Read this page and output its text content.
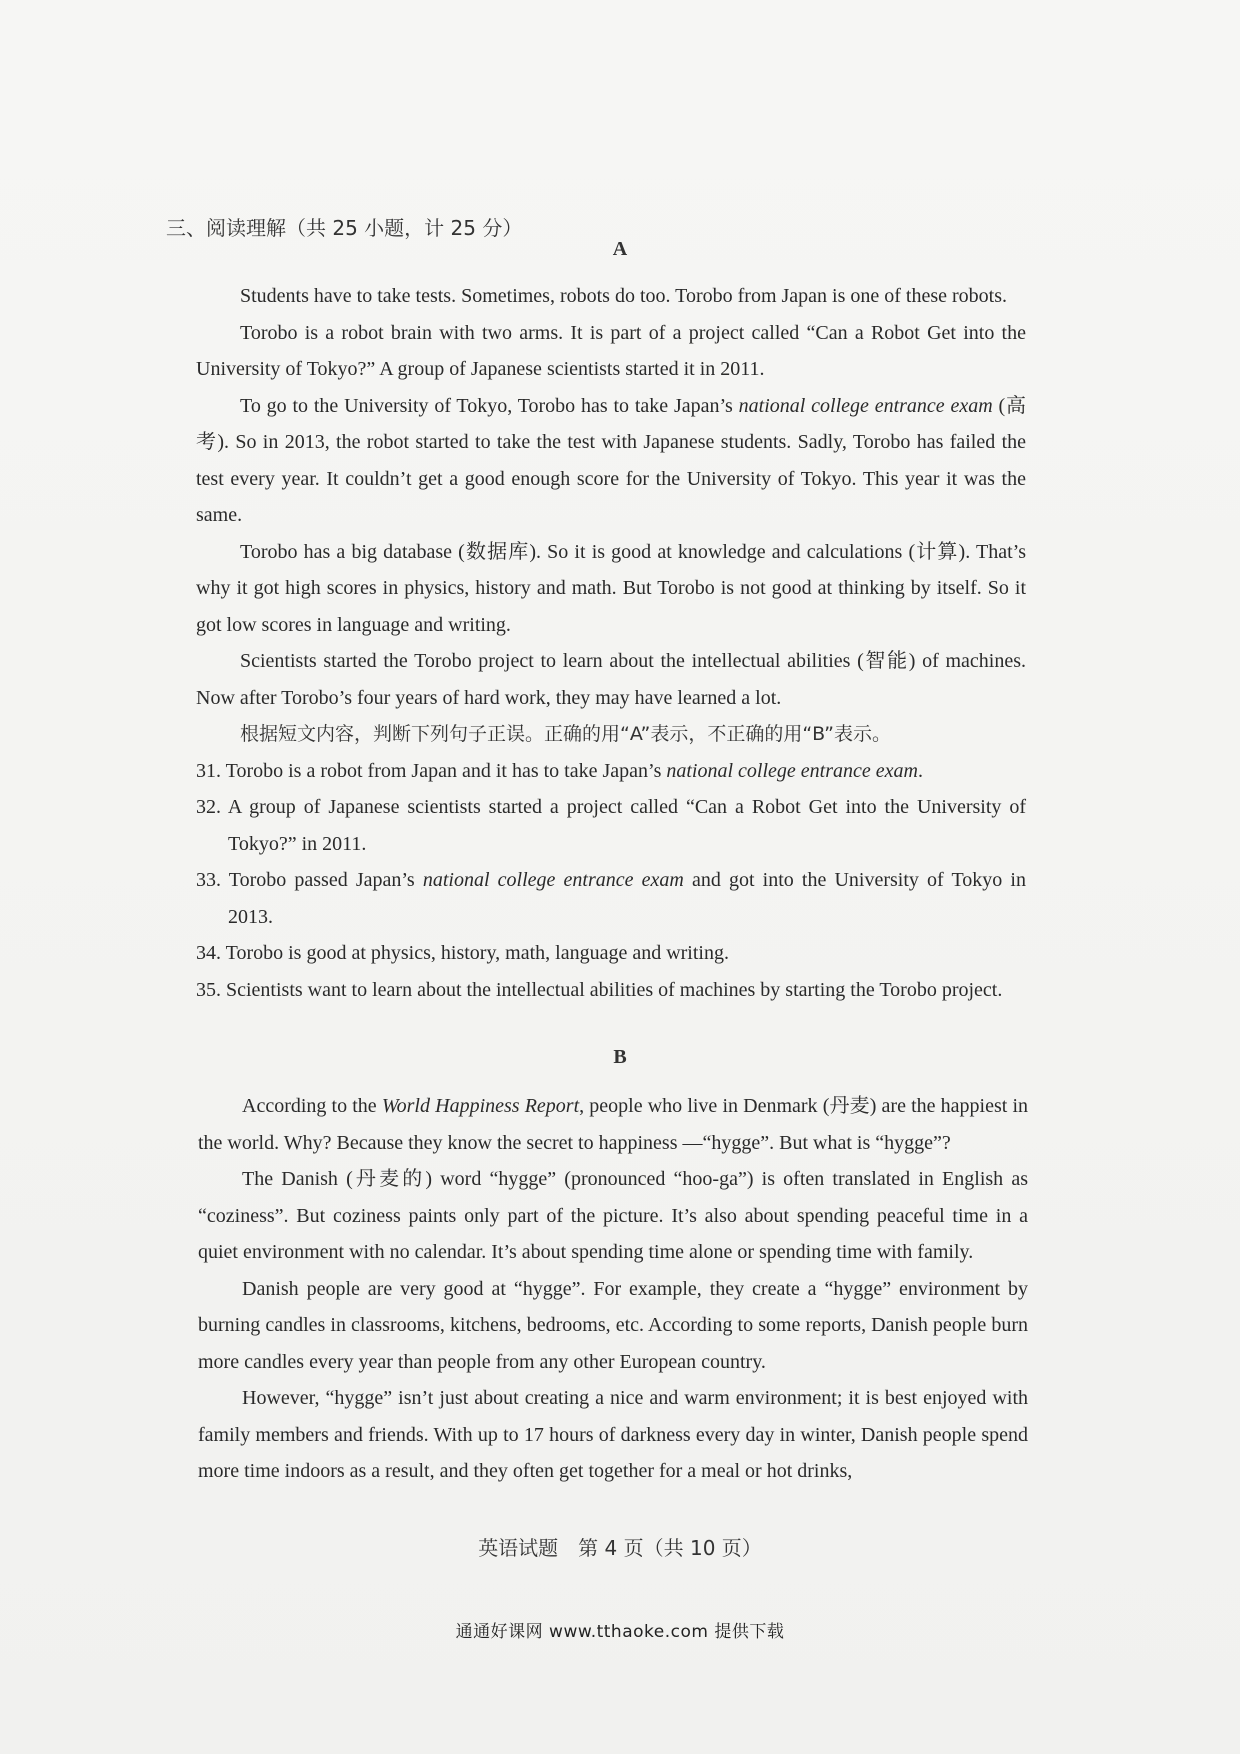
三、阅读理解（共 25 小题，计 25 分）
A

Students have to take tests. Sometimes, robots do too. Torobo from Japan is one of these robots.

Torobo is a robot brain with two arms. It is part of a project called “Can a Robot Get into the University of Tokyo?” A group of Japanese scientists started it in 2011.

To go to the University of Tokyo, Torobo has to take Japan’s national college entrance exam (高考). So in 2013, the robot started to take the test with Japanese students. Sadly, Torobo has failed the test every year. It couldn’t get a good enough score for the University of Tokyo. This year it was the same.

Torobo has a big database (数据库). So it is good at knowledge and calculations (计算). That’s why it got high scores in physics, history and math. But Torobo is not good at thinking by itself. So it got low scores in language and writing.

Scientists started the Torobo project to learn about the intellectual abilities (智能) of machines. Now after Torobo’s four years of hard work, they may have learned a lot.

根据短文内容，判断下列句子正误。正确的用“A”表示，不正确的用“B”表示。

31. Torobo is a robot from Japan and it has to take Japan’s national college entrance exam.
32. A group of Japanese scientists started a project called “Can a Robot Get into the University of Tokyo?” in 2011.
33. Torobo passed Japan’s national college entrance exam and got into the University of Tokyo in 2013.
34. Torobo is good at physics, history, math, language and writing.
35. Scientists want to learn about the intellectual abilities of machines by starting the Torobo project.
B

According to the World Happiness Report, people who live in Denmark (丹麦) are the happiest in the world. Why? Because they know the secret to happiness —“hygge”. But what is “hygge”?

The Danish (丹麦的) word “hygge” (pronounced “hoo-ga”) is often translated in English as “coziness”. But coziness paints only part of the picture. It’s also about spending peaceful time in a quiet environment with no calendar. It’s about spending time alone or spending time with family.

Danish people are very good at “hygge”. For example, they create a “hygge” environment by burning candles in classrooms, kitchens, bedrooms, etc. According to some reports, Danish people burn more candles every year than people from any other European country.

However, “hygge” isn’t just about creating a nice and warm environment; it is best enjoyed with family members and friends. With up to 17 hours of darkness every day in winter, Danish people spend more time indoors as a result, and they often get together for a meal or hot drinks,

英语试题　第 4 页（共 10 页）
通通好课网 www.tthaoke.com 提供下载
